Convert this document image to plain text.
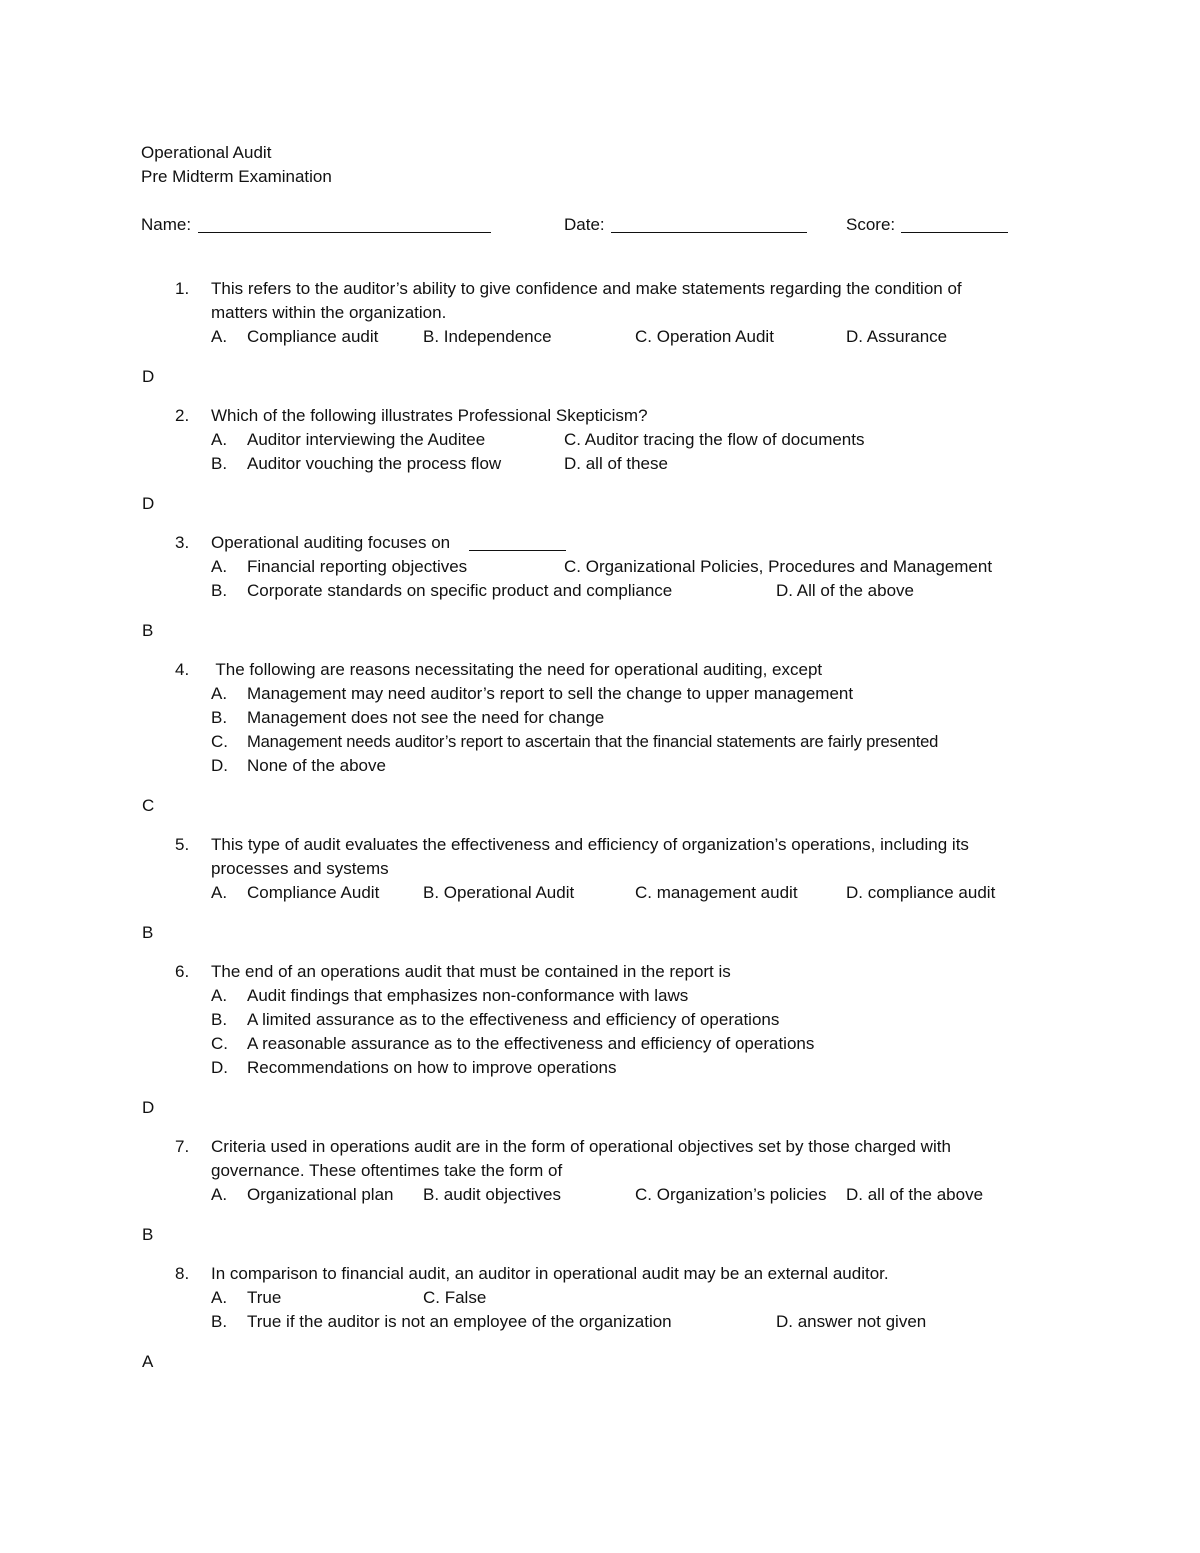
Operational Audit
Pre Midterm Examination
Name:	Date:	Score:
1. This refers to the auditor’s ability to give confidence and make statements regarding the condition of
matters within the organization.
A. Compliance audit	B. Independence	C. Operation Audit	D. Assurance
D
2. Which of the following illustrates Professional Skepticism?
A. Auditor interviewing the Auditee	C. Auditor tracing the flow of documents
B. Auditor vouching the process flow	D. all of these
D
3. Operational auditing focuses on
A. Financial reporting objectives	C. Organizational Policies, Procedures and Management
B. Corporate standards on specific product and compliance	D. All of the above
B
4. The following are reasons necessitating the need for operational auditing, except
A. Management may need auditor’s report to sell the change to upper management
B. Management does not see the need for change
C. Management needs auditor’s report to ascertain that the financial statements are fairly presented
D. None of the above
C
5. This type of audit evaluates the effectiveness and efficiency of organization’s operations, including its
processes and systems
A. Compliance Audit	B. Operational Audit	C. management audit	D. compliance audit
B
6. The end of an operations audit that must be contained in the report is
A. Audit findings that emphasizes non-conformance with laws
B. A limited assurance as to the effectiveness and efficiency of operations
C. A reasonable assurance as to the effectiveness and efficiency of operations
D. Recommendations on how to improve operations
D
7. Criteria used in operations audit are in the form of operational objectives set by those charged with
governance. These oftentimes take the form of
A. Organizational plan B. audit objectives	C. Organization’s policies D. all of the above
B
8. In comparison to financial audit, an auditor in operational audit may be an external auditor.
A. True	C. False
B. True if the auditor is not an employee of the organization	D. answer not given
A
